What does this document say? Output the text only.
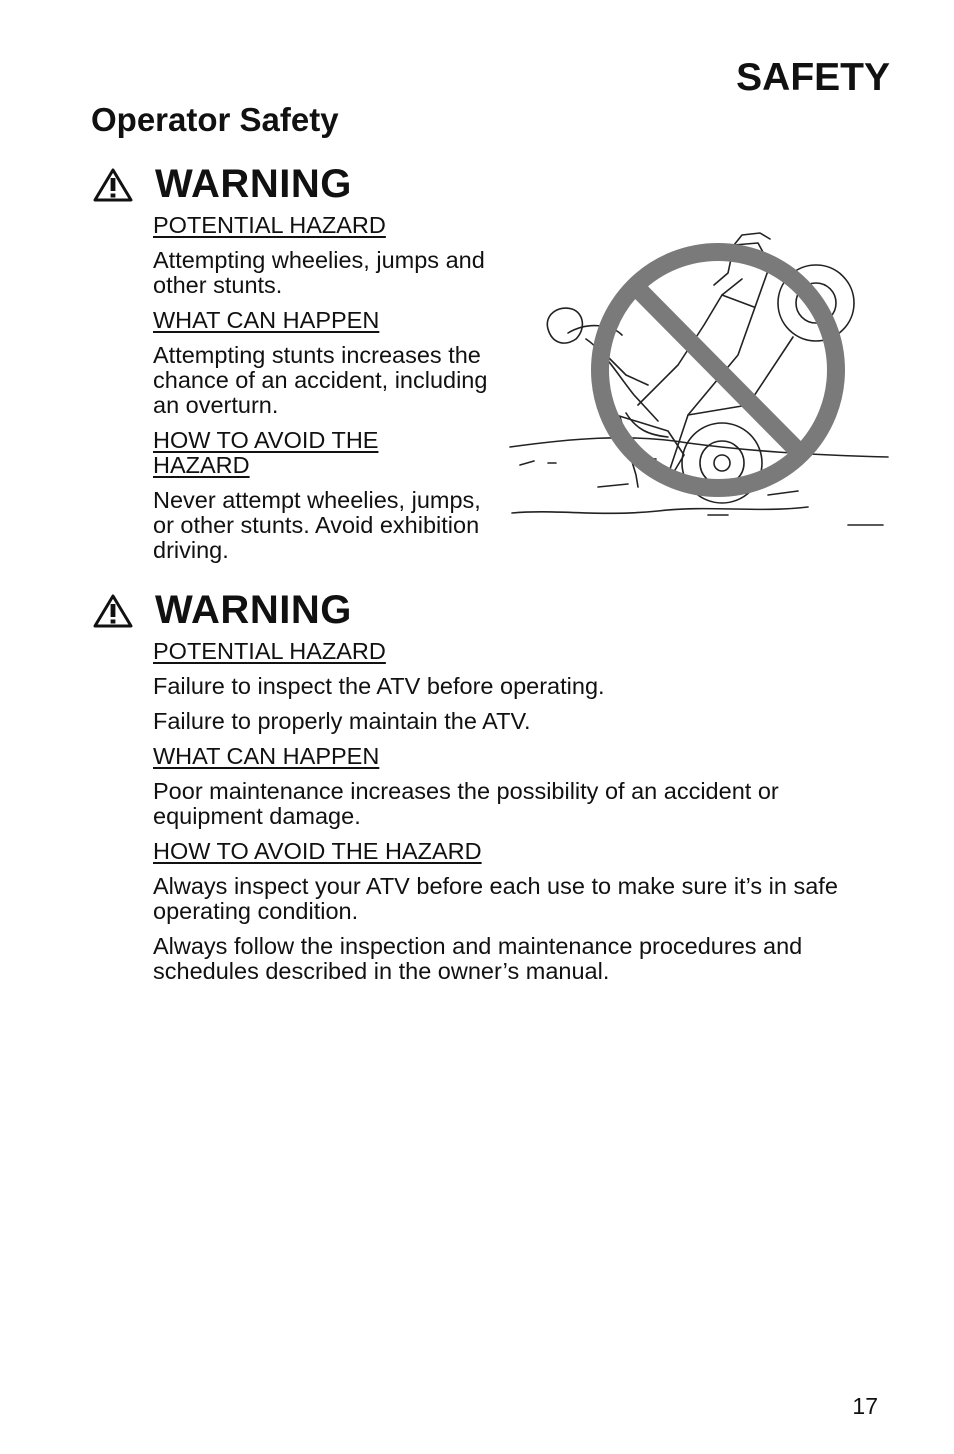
SAFETY
Operator Safety
WARNING

POTENTIAL HAZARD

Attempting wheelies, jumps and other stunts.

WHAT CAN HAPPEN

Attempting stunts increases the chance of an accident, including an overturn.

HOW TO AVOID THE
HAZARD

Never attempt wheelies, jumps, or other stunts. Avoid exhibition driving.

WARNING

POTENTIAL HAZARD

Failure to inspect the ATV before operating.

Failure to properly maintain the ATV.

WHAT CAN HAPPEN

Poor maintenance increases the possibility of an accident or equipment damage.

HOW TO AVOID THE HAZARD

Always inspect your ATV before each use to make sure it’s in safe operating condition.

Always follow the inspection and maintenance procedures and schedules described in the owner’s manual.

17
